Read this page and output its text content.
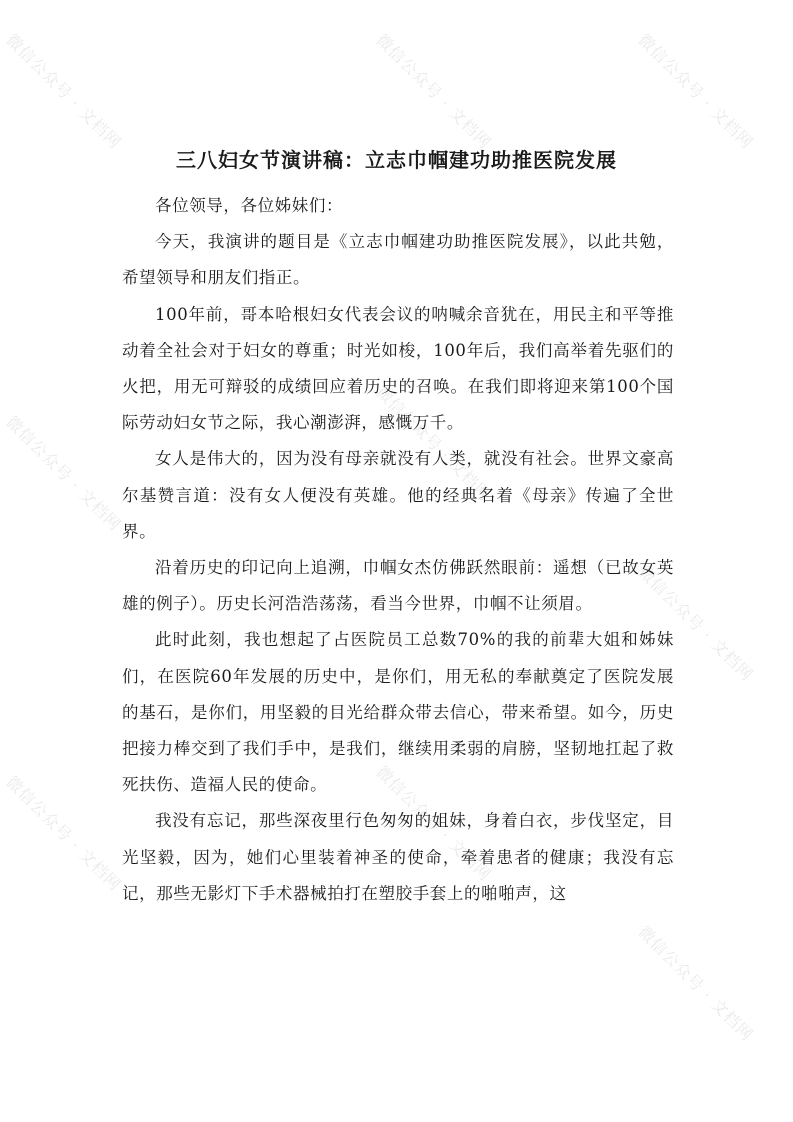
微信公众号 · 文档网	微信公众号 · 文档网	微信公众号 · 文档网
微信公众号 · 文档网	微信公众号 · 文档网
微信公众号 · 文档网
微信公众号 · 文档网	微信公众号 · 文档网
微信公众号 · 文档网
三八妇女节演讲稿：立志巾帼建功助推医院发展

各位领导，各位姊妹们：

今天，我演讲的题目是《立志巾帼建功助推医院发展》，以此共勉，希望领导和朋友们指正。

100年前，哥本哈根妇女代表会议的呐喊余音犹在，用民主和平等推动着全社会对于妇女的尊重；时光如梭，100年后，我们高举着先驱们的火把，用无可辩驳的成绩回应着历史的召唤。在我们即将迎来第100个国际劳动妇女节之际，我心潮澎湃，感慨万千。

女人是伟大的，因为没有母亲就没有人类，就没有社会。世界文豪高尔基赞言道：没有女人便没有英雄。他的经典名着《母亲》传遍了全世界。

沿着历史的印记向上追溯，巾帼女杰仿佛跃然眼前：遥想（已故女英雄的例子）。历史长河浩浩荡荡，看当今世界，巾帼不让须眉。

此时此刻，我也想起了占医院员工总数70%的我的前辈大姐和姊妹们，在医院60年发展的历史中，是你们，用无私的奉献奠定了医院发展的基石，是你们，用坚毅的目光给群众带去信心，带来希望。如今，历史把接力棒交到了我们手中，是我们，继续用柔弱的肩膀，坚韧地扛起了救死扶伤、造福人民的使命。

我没有忘记，那些深夜里行色匆匆的姐妹，身着白衣，步伐坚定，目光坚毅，因为，她们心里装着神圣的使命，牵着患者的健康；我没有忘记，那些无影灯下手术器械拍打在塑胶手套上的啪啪声，这
